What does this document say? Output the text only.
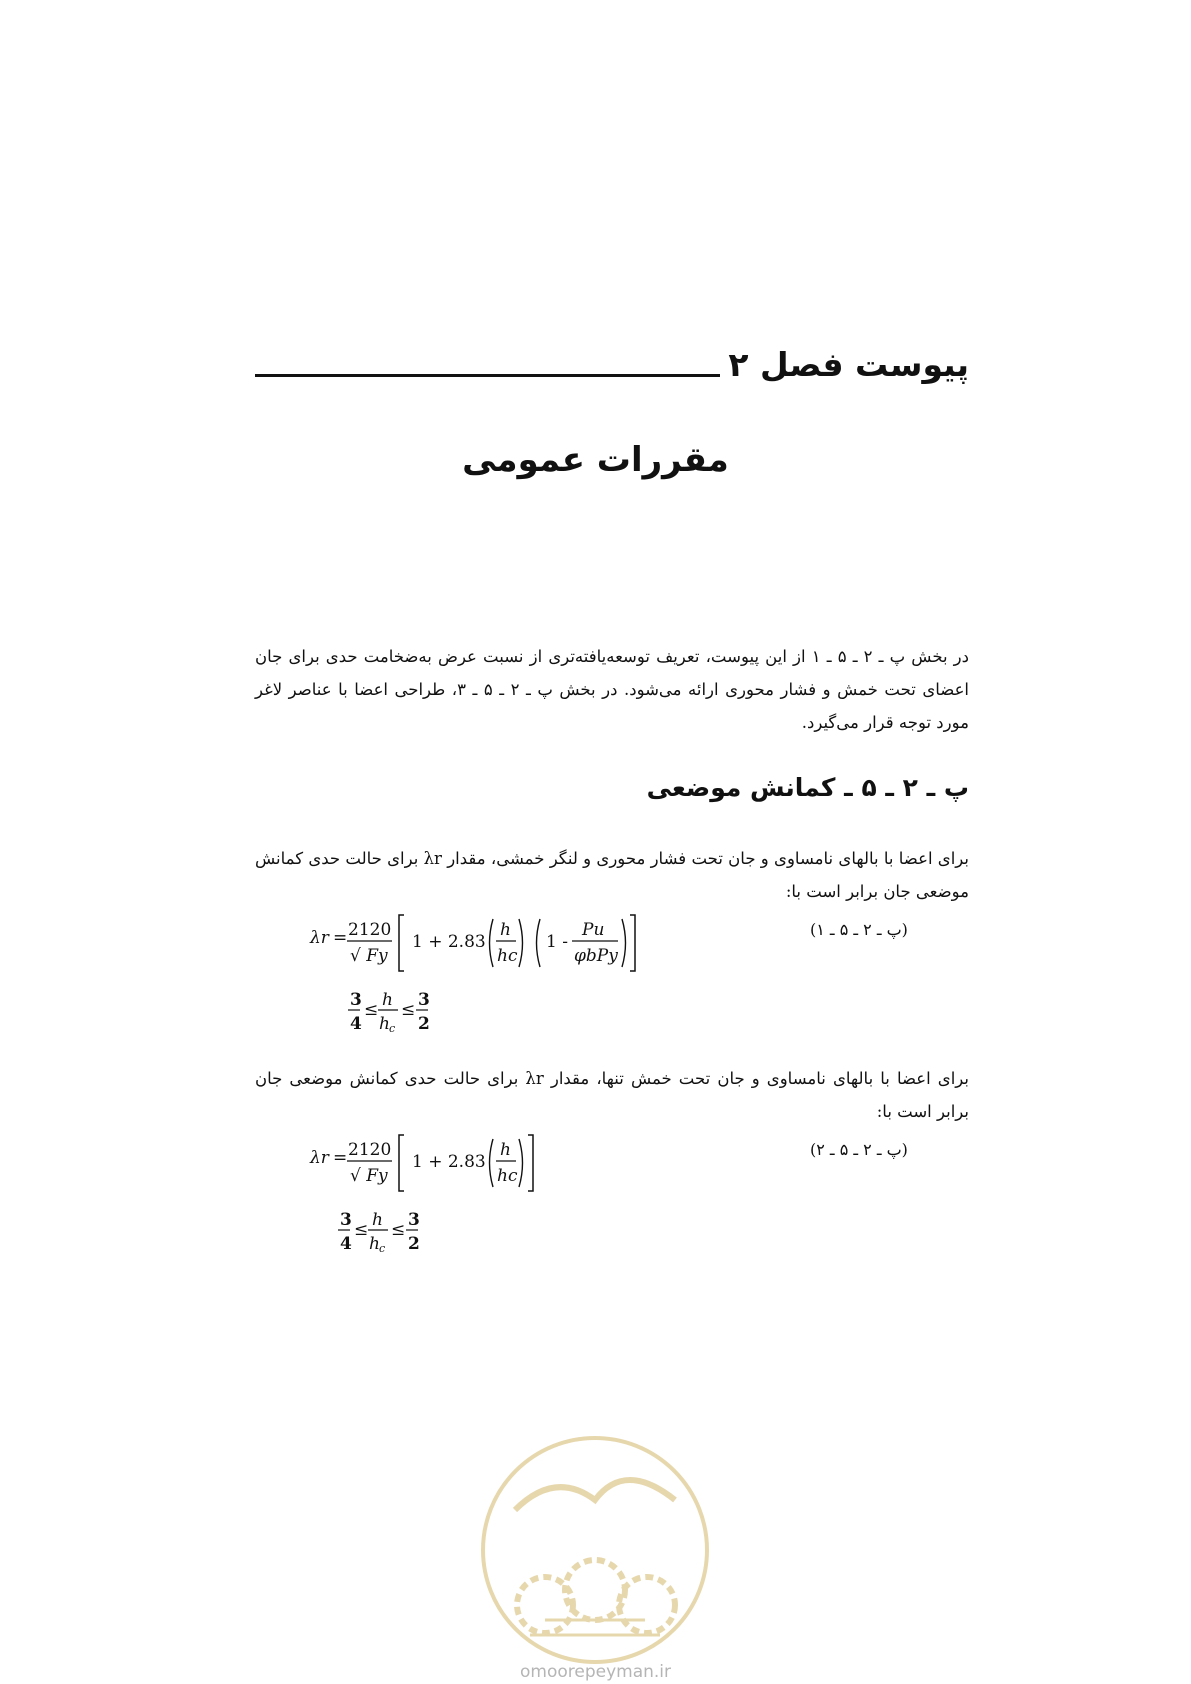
پیوست فصل ۲
مقررات عمومی
در بخش پ ـ ۲ ـ ۵ ـ ۱ از این پیوست، تعریف توسعه‌یافته‌تری از نسبت عرض به‌ضخامت حدی برای جان اعضای تحت خمش و فشار محوری ارائه می‌شود. در بخش پ ـ ۲ ـ ۵ ـ ۳، طراحی اعضا با عناصر لاغر مورد توجه قرار می‌گیرد.
پ ـ ۲ ـ ۵ ـ کمانش موضعی
برای اعضا با بالهای نامساوی و جان تحت فشار محوری و لنگر خمشی، مقدار λr برای حالت حدی کمانش موضعی جان برابر است با:
(پ ـ ۲ ـ ۵ ـ ۱)
λr = 2120
√ Fy
1 + 2.83
h
hc
1 -
Pu
φbPy
3
4
≤ h
h c
≤ 3
2
برای اعضا با بالهای نامساوی و جان تحت خمش تنها، مقدار λr برای حالت حدی کمانش موضعی جان برابر است با:
(پ ـ ۲ ـ ۵ ـ ۲)
λr = 2120
√ Fy
1 + 2.83
h
hc
3
4
≤ h
h c
≤ 3
2
omoorepeyman.ir
